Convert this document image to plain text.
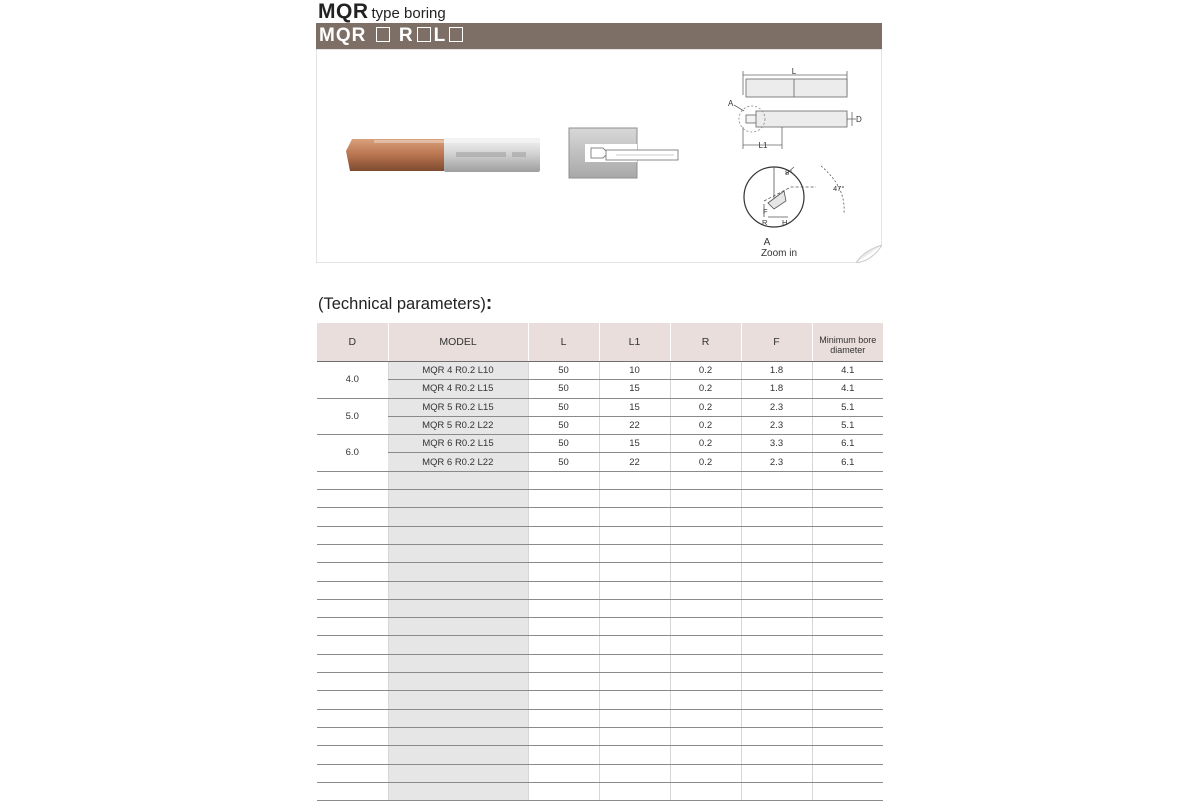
MQR type boring
MQR R L
L
L1
D
A
8°
47°
F
R H
A
Zoom in
(Technical parameters):
D	MODEL	L	L1	R	F	Minimum bore
diameter
4.0	MQR 4 R0.2 L10	50	10	0.2	1.8	4.1
	MQR 4 R0.2 L15	50	15	0.2	1.8	4.1
5.0	MQR 5 R0.2 L15	50	15	0.2	2.3	5.1
	MQR 5 R0.2 L22	50	22	0.2	2.3	5.1
6.0	MQR 6 R0.2 L15	50	15	0.2	3.3	6.1
	MQR 6 R0.2 L22	50	22	0.2	2.3	6.1
